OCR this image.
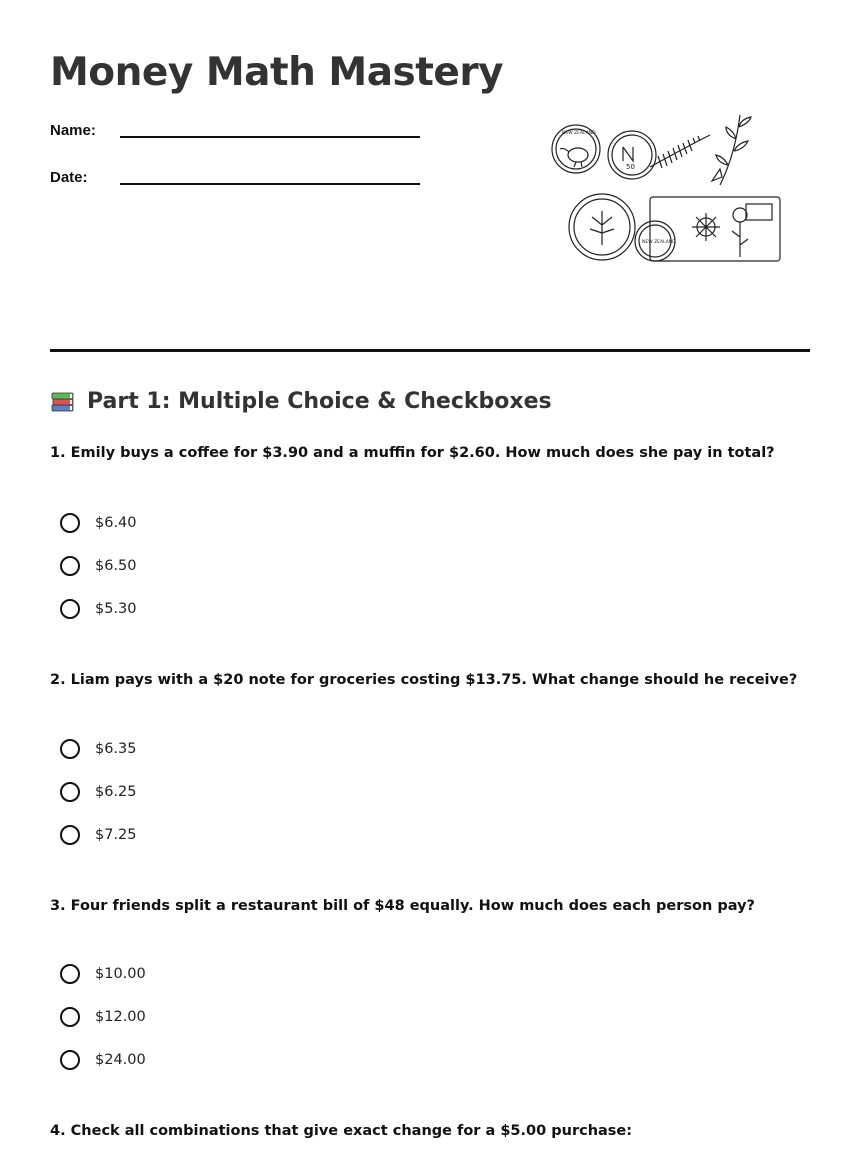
Money Math Mastery
Name:
Date:
NEW ZEALAND
50
NEW ZEALAND
Part 1: Multiple Choice & Checkboxes

1. Emily buys a coffee for $3.90 and a muffin for $2.60. How much does she pay in total?

$6.40
$6.50
$5.30

2. Liam pays with a $20 note for groceries costing $13.75. What change should he receive?

$6.35
$6.25
$7.25

3. Four friends split a restaurant bill of $48 equally. How much does each person pay?

$10.00
$12.00
$24.00

4. Check all combinations that give exact change for a $5.00 purchase:
